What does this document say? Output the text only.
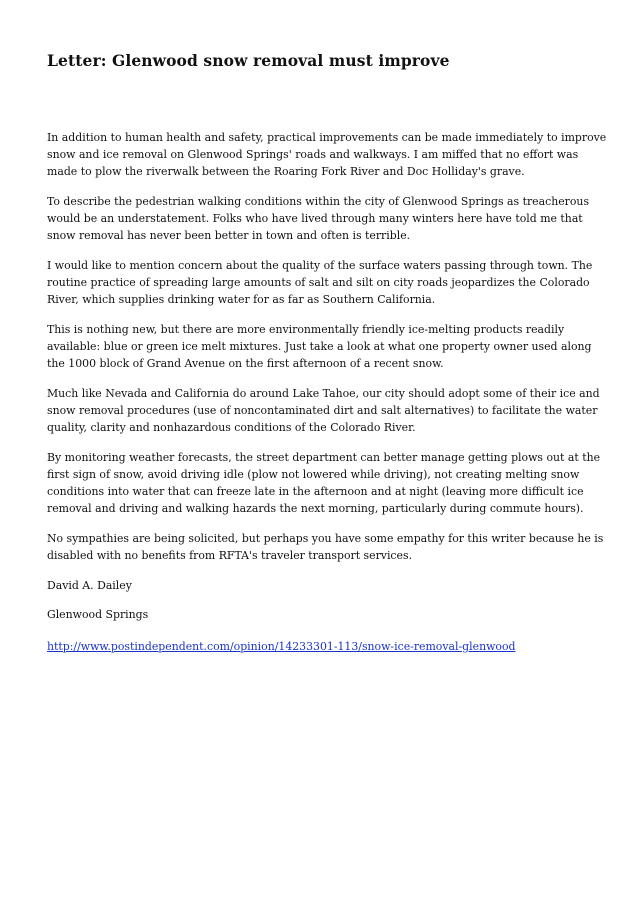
Letter: Glenwood snow removal must improve

In addition to human health and safety, practical improvements can be made immediately to improve
snow and ice removal on Glenwood Springs' roads and walkways. I am miffed that no effort was
made to plow the riverwalk between the Roaring Fork River and Doc Holliday's grave.

To describe the pedestrian walking conditions within the city of Glenwood Springs as treacherous
would be an understatement. Folks who have lived through many winters here have told me that
snow removal has never been better in town and often is terrible.

I would like to mention concern about the quality of the surface waters passing through town. The
routine practice of spreading large amounts of salt and silt on city roads jeopardizes the Colorado
River, which supplies drinking water for as far as Southern California.

This is nothing new, but there are more environmentally friendly ice-melting products readily
available: blue or green ice melt mixtures. Just take a look at what one property owner used along
the 1000 block of Grand Avenue on the first afternoon of a recent snow.

Much like Nevada and California do around Lake Tahoe, our city should adopt some of their ice and
snow removal procedures (use of noncontaminated dirt and salt alternatives) to facilitate the water
quality, clarity and nonhazardous conditions of the Colorado River.

By monitoring weather forecasts, the street department can better manage getting plows out at the
first sign of snow, avoid driving idle (plow not lowered while driving), not creating melting snow
conditions into water that can freeze late in the afternoon and at night (leaving more difficult ice
removal and driving and walking hazards the next morning, particularly during commute hours).

No sympathies are being solicited, but perhaps you have some empathy for this writer because he is
disabled with no benefits from RFTA's traveler transport services.

David A. Dailey

Glenwood Springs

http://www.postindependent.com/opinion/14233301-113/snow-ice-removal-glenwood
